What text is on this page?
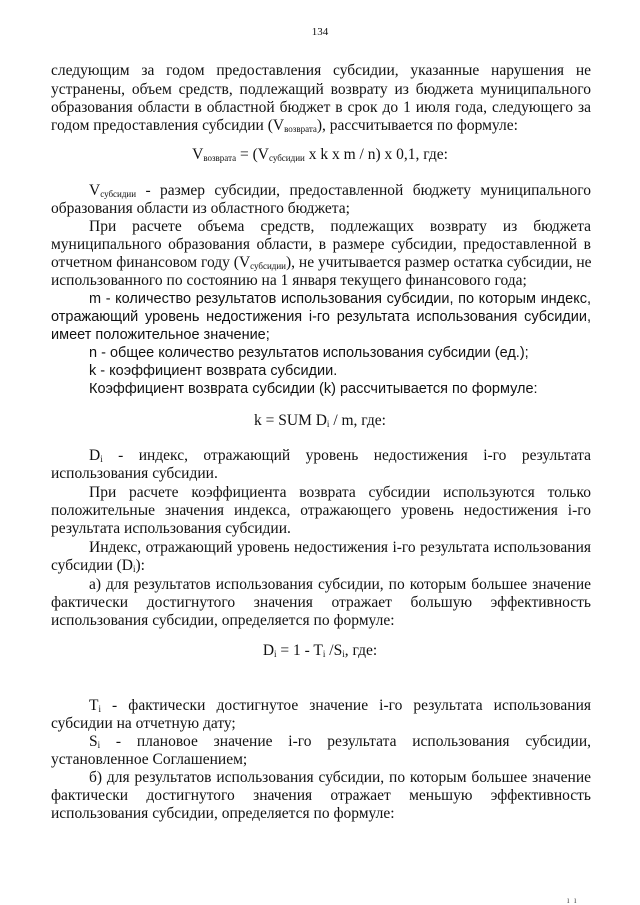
134
следующим за годом предоставления субсидии, указанные нарушения не
устранены, объем средств, подлежащий возврату из бюджета муниципального
образования области в областной бюджет в срок до 1 июля года, следующего за
годом предоставления субсидии $(V_{возврата})$, рассчитывается по формуле:
$V_{возврата} = (V_{субсидии}$ x k x m / n) x 0,1, где:
$V_{субсидии}$ - размер субсидии, предоставленной бюджету муниципального
образования области из областного бюджета;
При расчете объема средств, подлежащих возврату из бюджета
муниципального образования области, в размере субсидии, предоставленной в
отчетном финансовом году $(V_{субсидии})$, не учитывается размер остатка субсидии, не
использованного по состоянию на 1 января текущего финансового года;
m - количество результатов использования субсидии, по которым индекс,
отражающий уровень недостижения i-го результата использования субсидии,
имеет положительное значение;
n - общее количество результатов использования субсидии (ед.);
k - коэффициент возврата субсидии.
Коэффициент возврата субсидии (k) рассчитывается по формуле:
k = SUM $D_i$ / m, где:
$D_i$ - индекс, отражающий уровень недостижения i-го результата
использования субсидии.
При расчете коэффициента возврата субсидии используются только
положительные значения индекса, отражающего уровень недостижения i-го
результата использования субсидии.
Индекс, отражающий уровень недостижения i-го результата использования
субсидии $(D_i)$:
а) для результатов использования субсидии, по которым большее значение
фактически достигнутого значения отражает большую эффективность
использования субсидии, определяется по формуле:
$D_i = 1 - T_i$ $/S_i$, где:
$T_i$ - фактически достигнутое значение i-го результата использования
субсидии на отчетную дату;
$S_i$ - плановое значение i-го результата использования субсидии,
установленное Соглашением;
б) для результатов использования субсидии, по которым большее значение
фактически достигнутого значения отражает меньшую эффективность
использования субсидии, определяется по формуле:
ı  ı
